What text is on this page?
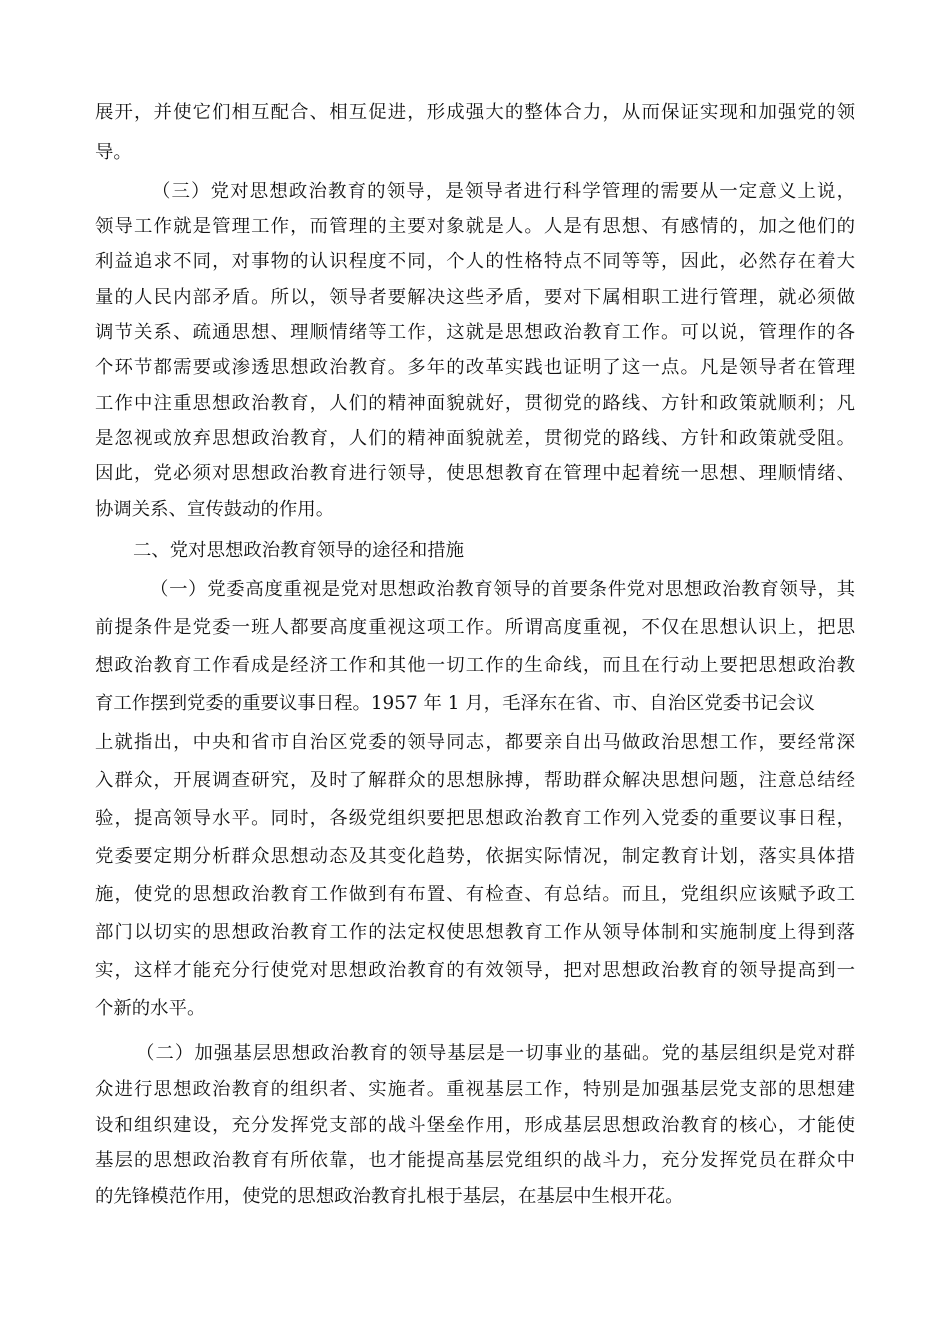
展开，并使它们相互配合、相互促进，形成强大的整体合力，从而保证实现和加强党的领
导。
（三）党对思想政治教育的领导，是领导者进行科学管理的需要从一定意义上说，
领导工作就是管理工作，而管理的主要对象就是人。人是有思想、有感情的，加之他们的
利益追求不同，对事物的认识程度不同，个人的性格特点不同等等，因此，必然存在着大
量的人民内部矛盾。所以，领导者要解决这些矛盾，要对下属相职工进行管理，就必须做
调节关系、疏通思想、理顺情绪等工作，这就是思想政治教育工作。可以说，管理作的各
个环节都需要或渗透思想政治教育。多年的改革实践也证明了这一点。凡是领导者在管理
工作中注重思想政治教育，人们的精神面貌就好，贯彻党的路线、方针和政策就顺利；凡
是忽视或放弃思想政治教育，人们的精神面貌就差，贯彻党的路线、方针和政策就受阻。
因此，党必须对思想政治教育进行领导，使思想教育在管理中起着统一思想、理顺情绪、
协调关系、宣传鼓动的作用。
二、党对思想政治教育领导的途径和措施
（一）党委高度重视是党对思想政治教育领导的首要条件党对思想政治教育领导，其
前提条件是党委一班人都要高度重视这项工作。所谓高度重视，不仅在思想认识上，把思
想政治教育工作看成是经济工作和其他一切工作的生命线，而且在行动上要把思想政治教
育工作摆到党委的重要议事日程。1957 年 1 月，毛泽东在省、市、自治区党委书记会议
上就指出，中央和省市自治区党委的领导同志，都要亲自出马做政治思想工作，要经常深
入群众，开展调查研究，及时了解群众的思想脉搏，帮助群众解决思想问题，注意总结经
验，提高领导水平。同时，各级党组织要把思想政治教育工作列入党委的重要议事日程，
党委要定期分析群众思想动态及其变化趋势，依据实际情况，制定教育计划，落实具体措
施，使党的思想政治教育工作做到有布置、有检查、有总结。而且，党组织应该赋予政工
部门以切实的思想政治教育工作的法定权使思想教育工作从领导体制和实施制度上得到落
实，这样才能充分行使党对思想政治教育的有效领导，把对思想政治教育的领导提高到一
个新的水平。
（二）加强基层思想政治教育的领导基层是一切事业的基础。党的基层组织是党对群
众进行思想政治教育的组织者、实施者。重视基层工作，特别是加强基层党支部的思想建
设和组织建设，充分发挥党支部的战斗堡垒作用，形成基层思想政治教育的核心，才能使
基层的思想政治教育有所依靠，也才能提高基层党组织的战斗力，充分发挥党员在群众中
的先锋模范作用，使党的思想政治教育扎根于基层，在基层中生根开花。
